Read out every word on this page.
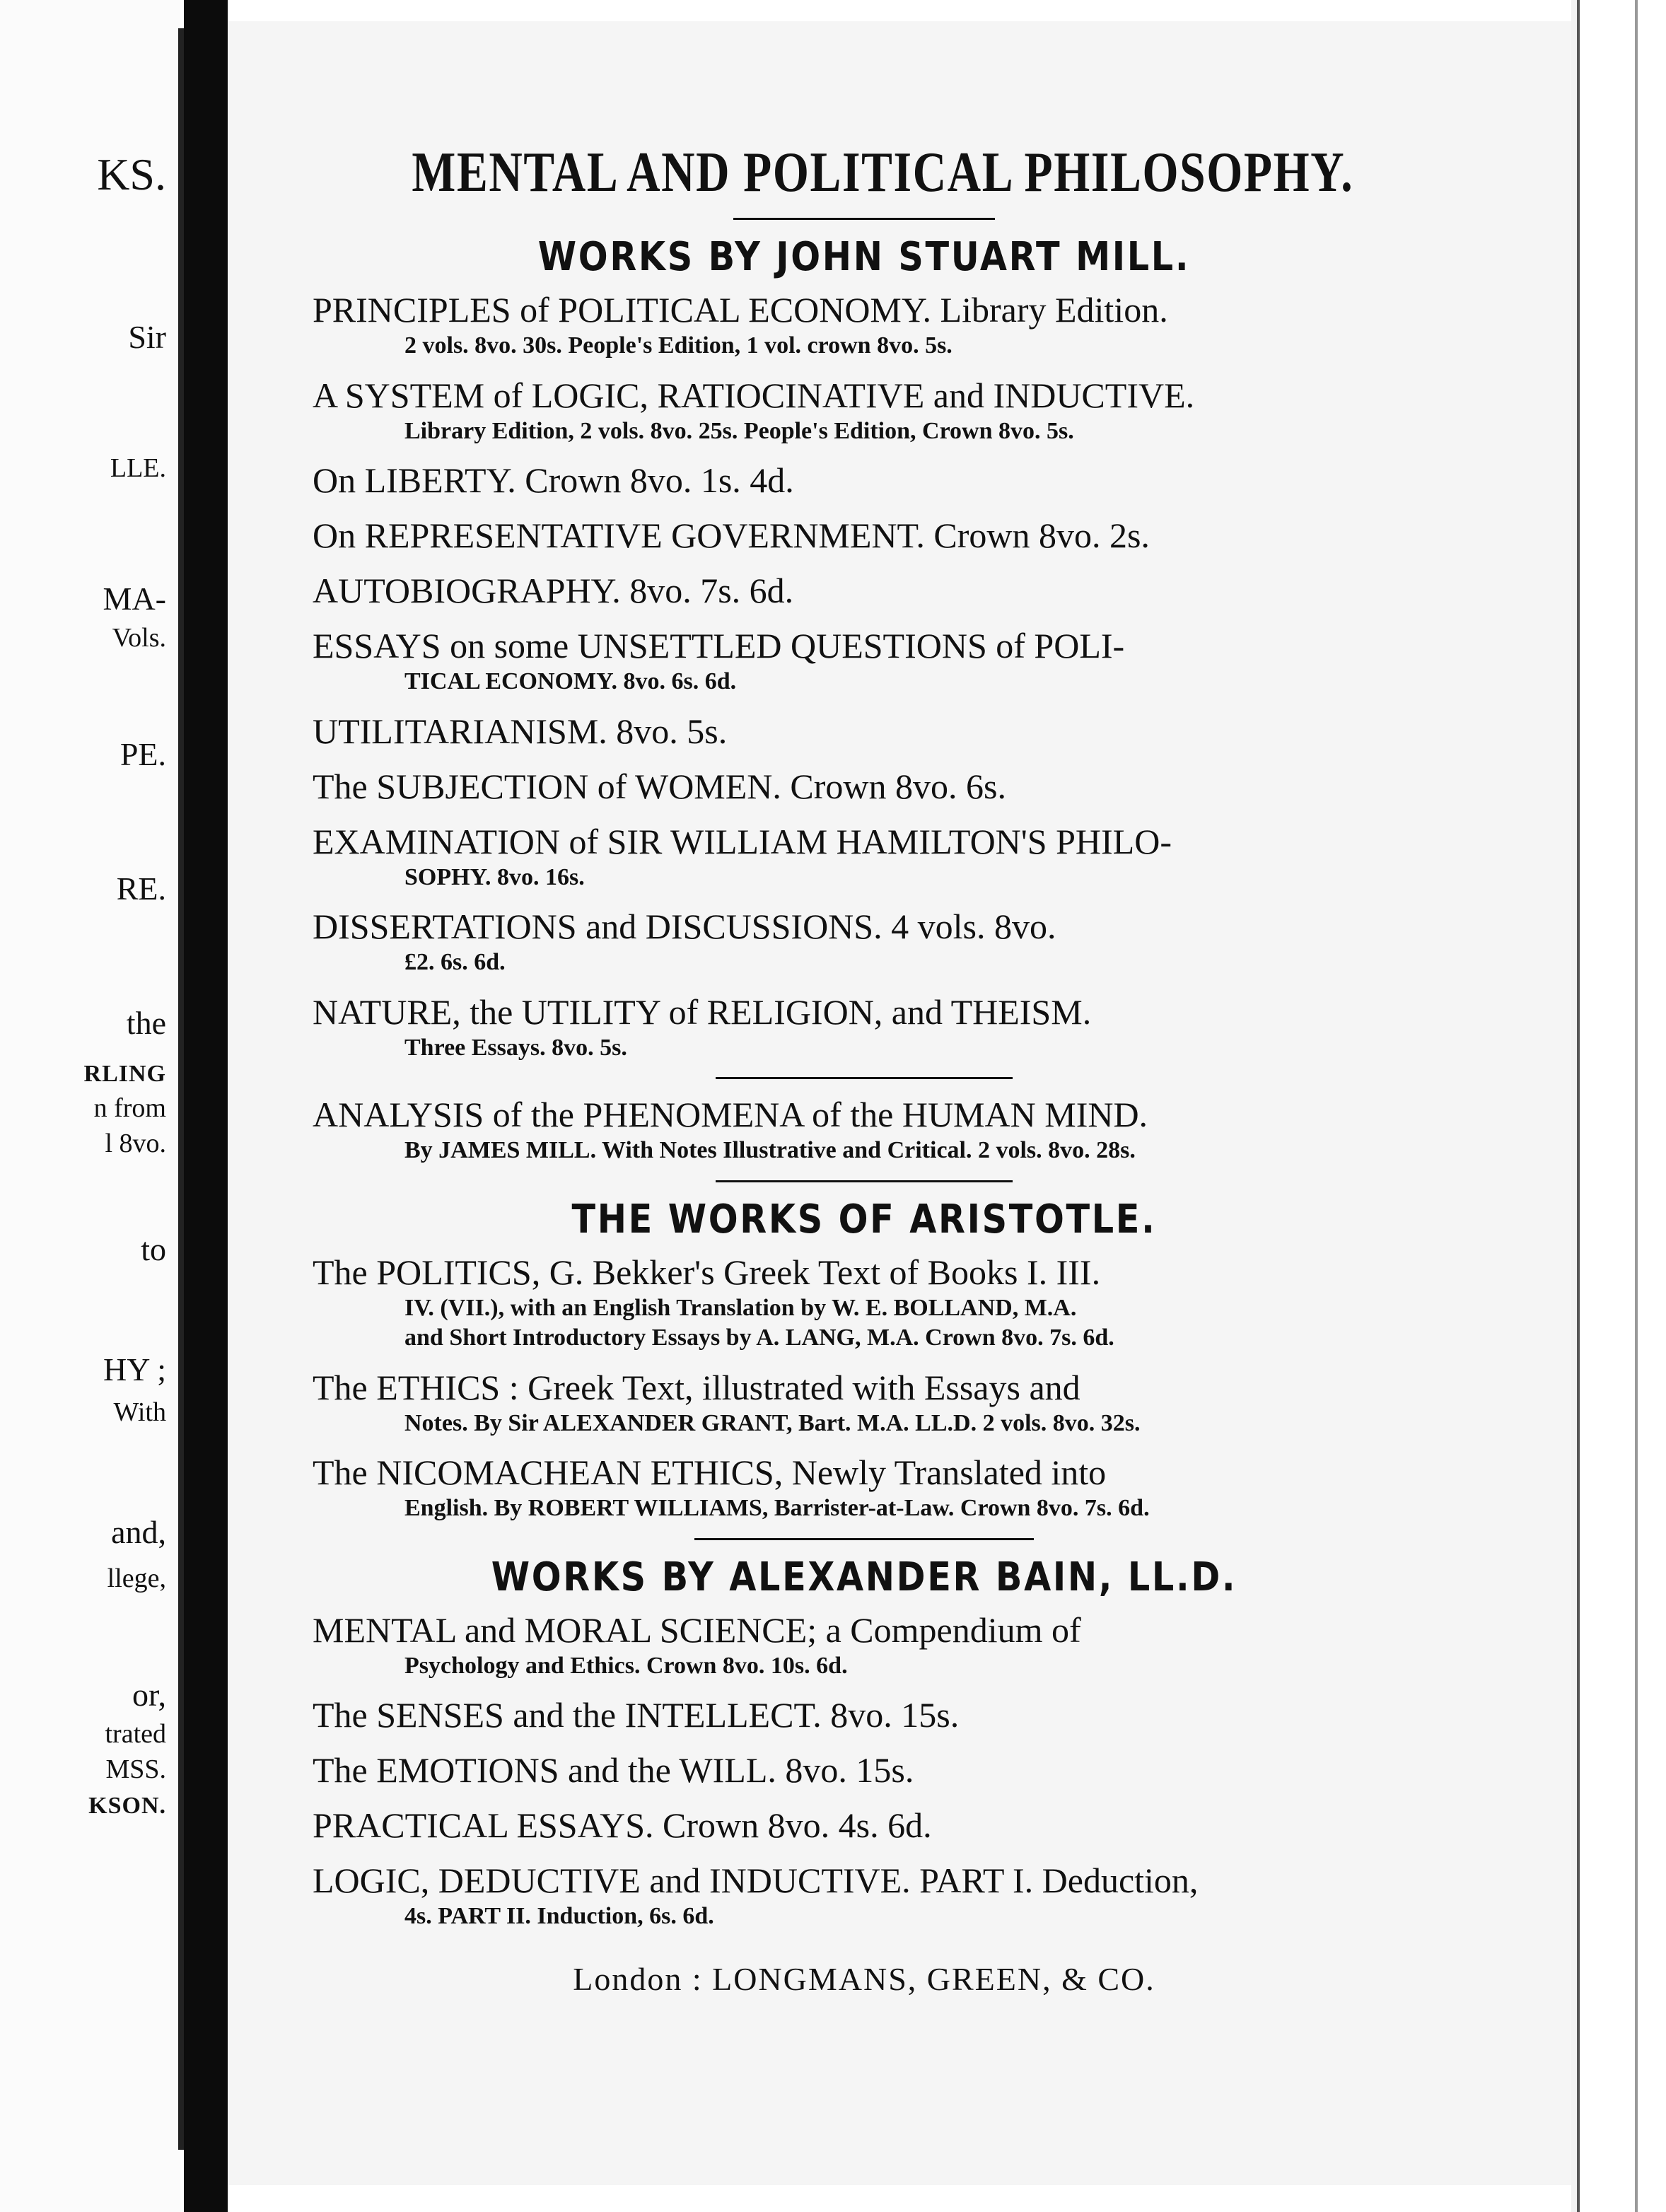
KS.
Sir
LLE.
MA-
Vols.
PE.
RE.
the
RLING
n from
l 8vo.
to
HY ;
With
and,
llege,
or,
trated
MSS.
KSON.
MENTAL AND POLITICAL PHILOSOPHY.
WORKS BY JOHN STUART MILL.
PRINCIPLES of POLITICAL ECONOMY. Library Edition.
2 vols. 8vo. 30s. People's Edition, 1 vol. crown 8vo. 5s.
A SYSTEM of LOGIC, RATIOCINATIVE and INDUCTIVE.
Library Edition, 2 vols. 8vo. 25s. People's Edition, Crown 8vo. 5s.
On LIBERTY. Crown 8vo. 1s. 4d.
On REPRESENTATIVE GOVERNMENT. Crown 8vo. 2s.
AUTOBIOGRAPHY. 8vo. 7s. 6d.
ESSAYS on some UNSETTLED QUESTIONS of POLI-
TICAL ECONOMY. 8vo. 6s. 6d.
UTILITARIANISM. 8vo. 5s.
The SUBJECTION of WOMEN. Crown 8vo. 6s.
EXAMINATION of SIR WILLIAM HAMILTON'S PHILO-
SOPHY. 8vo. 16s.
DISSERTATIONS and DISCUSSIONS. 4 vols. 8vo.
£2. 6s. 6d.
NATURE, the UTILITY of RELIGION, and THEISM.
Three Essays. 8vo. 5s.
ANALYSIS of the PHENOMENA of the HUMAN MIND.
By JAMES MILL. With Notes Illustrative and Critical. 2 vols. 8vo. 28s.
THE WORKS OF ARISTOTLE.
The POLITICS, G. Bekker's Greek Text of Books I. III.
IV. (VII.), with an English Translation by W. E. BOLLAND, M.A.
and Short Introductory Essays by A. LANG, M.A. Crown 8vo. 7s. 6d.
The ETHICS : Greek Text, illustrated with Essays and
Notes. By Sir ALEXANDER GRANT, Bart. M.A. LL.D. 2 vols. 8vo. 32s.
The NICOMACHEAN ETHICS, Newly Translated into
English. By ROBERT WILLIAMS, Barrister-at-Law. Crown 8vo. 7s. 6d.
WORKS BY ALEXANDER BAIN, LL.D.
MENTAL and MORAL SCIENCE; a Compendium of
Psychology and Ethics. Crown 8vo. 10s. 6d.
The SENSES and the INTELLECT. 8vo. 15s.
The EMOTIONS and the WILL. 8vo. 15s.
PRACTICAL ESSAYS. Crown 8vo. 4s. 6d.
LOGIC, DEDUCTIVE and INDUCTIVE. PART I. Deduction,
4s. PART II. Induction, 6s. 6d.
London : LONGMANS, GREEN, & CO.
